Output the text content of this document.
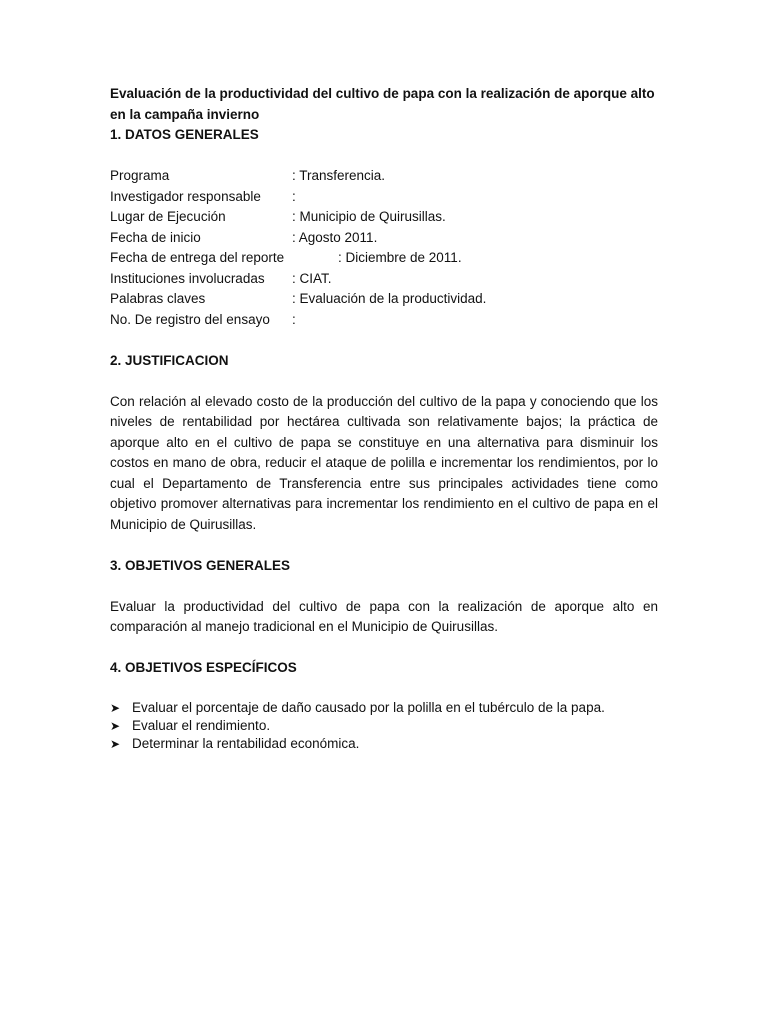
Evaluación de la productividad del cultivo de papa con la realización de aporque alto en la campaña invierno

1. DATOS GENERALES

Programa	: Transferencia.
Investigador responsable	:
Lugar de Ejecución	: Municipio de Quirusillas.
Fecha de inicio	: Agosto 2011.
Fecha de entrega del reporte	: Diciembre de 2011.
Instituciones involucradas	: CIAT.
Palabras claves	: Evaluación de la productividad.
No. De registro del ensayo	:

2. JUSTIFICACION

Con relación al elevado costo de la producción del cultivo de la papa y conociendo que los niveles de rentabilidad por hectárea cultivada son relativamente bajos; la práctica de aporque alto en el cultivo de papa se constituye en una alternativa para disminuir los costos en mano de obra, reducir el ataque de polilla e incrementar los rendimientos, por lo cual el Departamento de Transferencia entre sus principales actividades tiene como objetivo promover alternativas para incrementar los rendimiento en el cultivo de papa en el Municipio de Quirusillas.

3. OBJETIVOS GENERALES

Evaluar la productividad del cultivo de papa con la realización de aporque alto en comparación al manejo tradicional en el Municipio de Quirusillas.

4. OBJETIVOS ESPECÍFICOS

➤ Evaluar el porcentaje de daño causado por la polilla en el tubérculo de la papa.
➤ Evaluar el rendimiento.
➤ Determinar la rentabilidad económica.
